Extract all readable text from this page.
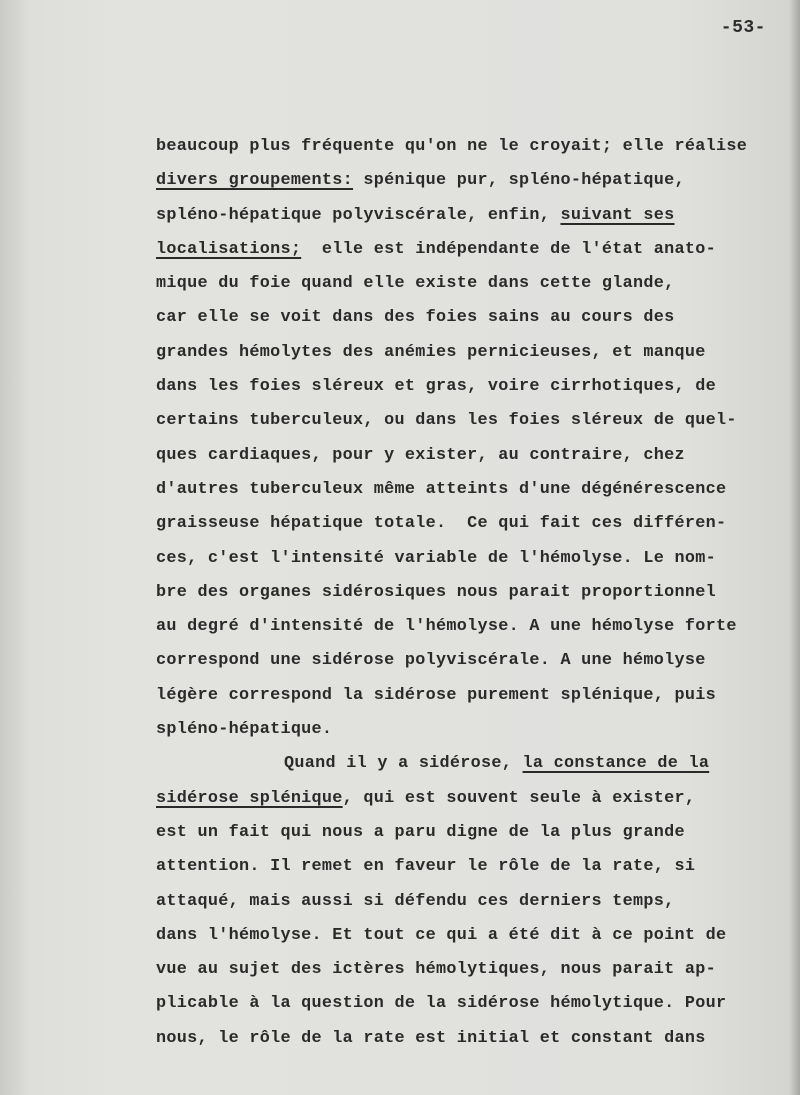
-53-
beaucoup plus fréquente qu'on ne le croyait; elle réalise
divers groupements: spénique pur, spléno-hépatique,
spléno-hépatique polyviscérale, enfin, suivant ses
localisations;  elle est indépendante de l'état anato-
mique du foie quand elle existe dans cette glande,
car elle se voit dans des foies sains au cours des
grandes hémolytes des anémies pernicieuses, et manque
dans les foies sléreux et gras, voire cirrhotiques, de
certains tuberculeux, ou dans les foies sléreux de quel-
ques cardiaques, pour y exister, au contraire, chez
d'autres tuberculeux même atteints d'une dégénérescence
graisseuse hépatique totale.  Ce qui fait ces différen-
ces, c'est l'intensité variable de l'hémolyse. Le nom-
bre des organes sidérosiques nous parait proportionnel
au degré d'intensité de l'hémolyse. A une hémolyse forte
correspond une sidérose polyviscérale. A une hémolyse
légère correspond la sidérose purement splénique, puis
spléno-hépatique.
Quand il y a sidérose, la constance de la
sidérose splénique, qui est souvent seule à exister,
est un fait qui nous a paru digne de la plus grande
attention. Il remet en faveur le rôle de la rate, si
attaqué, mais aussi si défendu ces derniers temps,
dans l'hémolyse. Et tout ce qui a été dit à ce point de
vue au sujet des ictères hémolytiques, nous parait ap-
plicable à la question de la sidérose hémolytique. Pour
nous, le rôle de la rate est initial et constant dans
